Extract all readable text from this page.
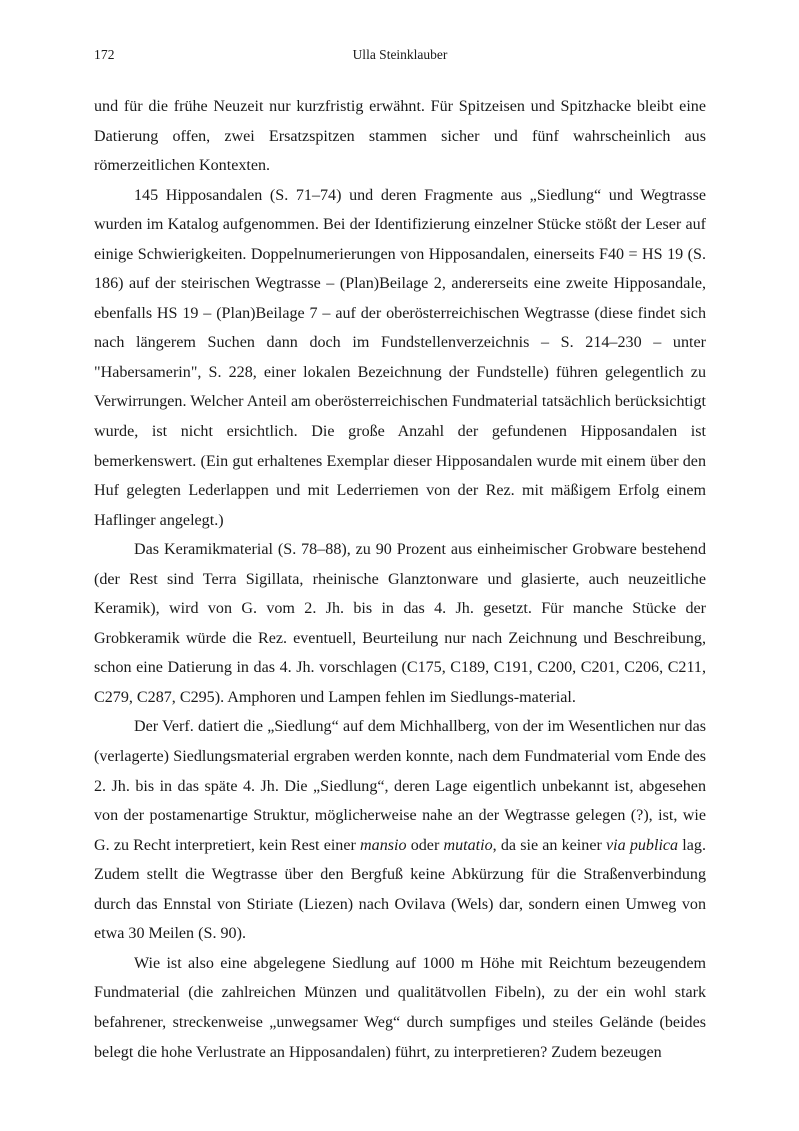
172	Ulla Steinklauber

und für die frühe Neuzeit nur kurzfristig erwähnt. Für Spitzeisen und Spitzhacke bleibt eine Datierung offen, zwei Ersatzspitzen stammen sicher und fünf wahrscheinlich aus römerzeitlichen Kontexten.

145 Hipposandalen (S. 71–74) und deren Fragmente aus „Siedlung“ und Wegtrasse wurden im Katalog aufgenommen. Bei der Identifizierung einzelner Stücke stößt der Leser auf einige Schwierigkeiten. Doppelnumerierungen von Hipposandalen, einerseits F40 = HS 19 (S. 186) auf der steirischen Wegtrasse – (Plan)Beilage 2, andererseits eine zweite Hipposandale, ebenfalls HS 19 – (Plan)Beilage 7 – auf der oberösterreichischen Wegtrasse (diese findet sich nach längerem Suchen dann doch im Fundstellenverzeichnis – S. 214–230 – unter "Habersamerin", S. 228, einer lokalen Bezeichnung der Fundstelle) führen gelegentlich zu Verwirrungen. Welcher Anteil am oberösterreichischen Fundmaterial tatsächlich berücksichtigt wurde, ist nicht ersichtlich. Die große Anzahl der gefundenen Hipposandalen ist bemerkenswert. (Ein gut erhaltenes Exemplar dieser Hipposandalen wurde mit einem über den Huf gelegten Lederlappen und mit Lederriemen von der Rez. mit mäßigem Erfolg einem Haflinger angelegt.)

Das Keramikmaterial (S. 78–88), zu 90 Prozent aus einheimischer Grobware bestehend (der Rest sind Terra Sigillata, rheinische Glanztonware und glasierte, auch neuzeitliche Keramik), wird von G. vom 2. Jh. bis in das 4. Jh. gesetzt. Für manche Stücke der Grobkeramik würde die Rez. eventuell, Beurteilung nur nach Zeichnung und Beschreibung, schon eine Datierung in das 4. Jh. vorschlagen (C175, C189, C191, C200, C201, C206, C211, C279, C287, C295). Amphoren und Lampen fehlen im Siedlungs-material.

Der Verf. datiert die „Siedlung“ auf dem Michhallberg, von der im Wesentlichen nur das (verlagerte) Siedlungsmaterial ergraben werden konnte, nach dem Fundmaterial vom Ende des 2. Jh. bis in das späte 4. Jh. Die „Siedlung“, deren Lage eigentlich unbekannt ist, abgesehen von der postamenartige Struktur, möglicherweise nahe an der Wegtrasse gelegen (?), ist, wie G. zu Recht interpretiert, kein Rest einer mansio oder mutatio, da sie an keiner via publica lag. Zudem stellt die Wegtrasse über den Bergfuß keine Abkürzung für die Straßenverbindung durch das Ennstal von Stiriate (Liezen) nach Ovilava (Wels) dar, sondern einen Umweg von etwa 30 Meilen (S. 90).

Wie ist also eine abgelegene Siedlung auf 1000 m Höhe mit Reichtum bezeugendem Fundmaterial (die zahlreichen Münzen und qualitätvollen Fibeln), zu der ein wohl stark befahrener, streckenweise „unwegsamer Weg“ durch sumpfiges und steiles Gelände (beides belegt die hohe Verlustrate an Hipposandalen) führt, zu interpretieren? Zudem bezeugen
